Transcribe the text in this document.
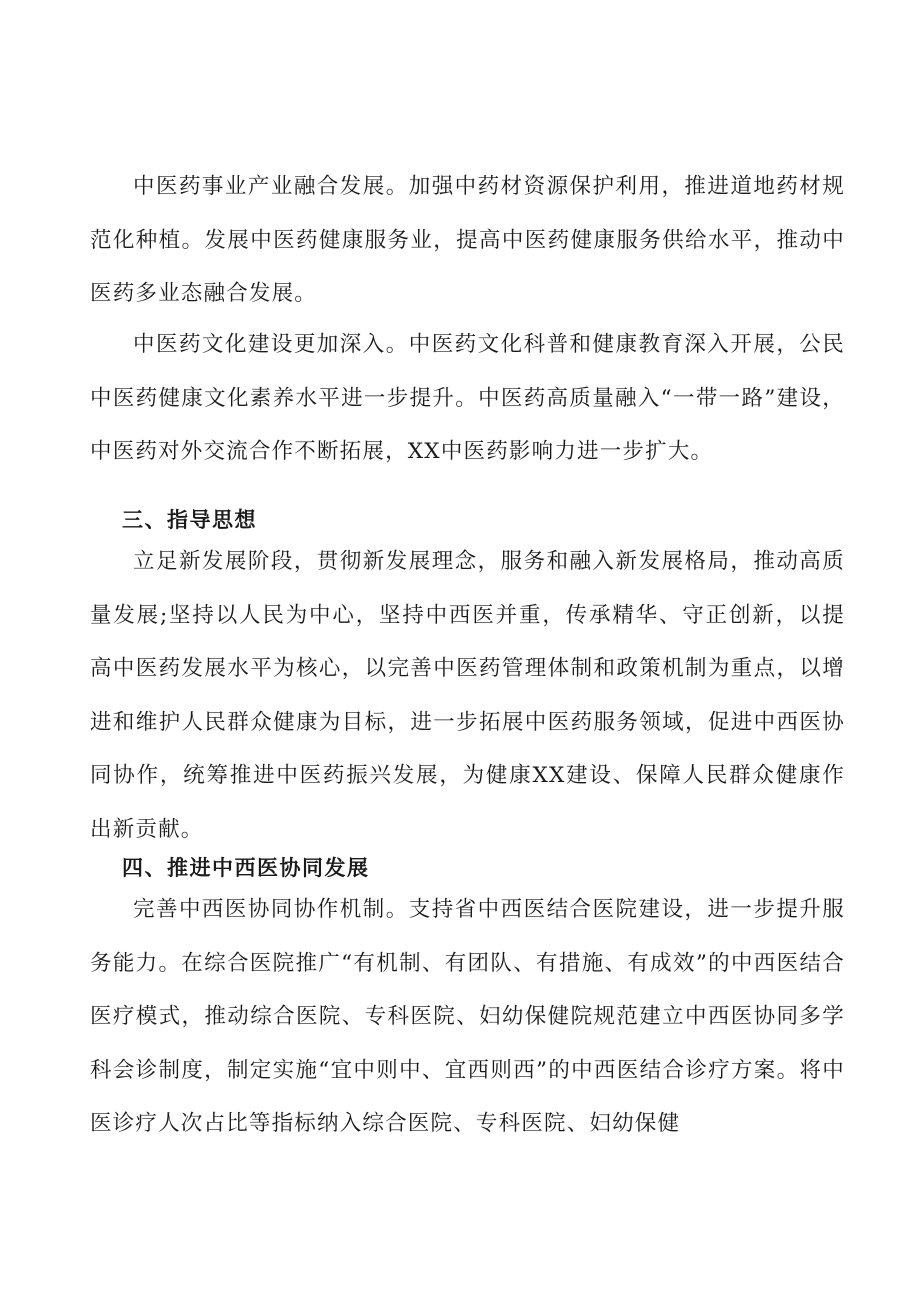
中医药事业产业融合发展。加强中药材资源保护利用，推进道地药材规范化种植。发展中医药健康服务业，提高中医药健康服务供给水平，推动中医药多业态融合发展。

中医药文化建设更加深入。中医药文化科普和健康教育深入开展，公民中医药健康文化素养水平进一步提升。中医药高质量融入“一带一路”建设，中医药对外交流合作不断拓展，XX中医药影响力进一步扩大。

三、指导思想

立足新发展阶段，贯彻新发展理念，服务和融入新发展格局，推动高质量发展;坚持以人民为中心，坚持中西医并重，传承精华、守正创新，以提高中医药发展水平为核心，以完善中医药管理体制和政策机制为重点，以增进和维护人民群众健康为目标，进一步拓展中医药服务领域，促进中西医协同协作，统筹推进中医药振兴发展，为健康XX建设、保障人民群众健康作出新贡献。

四、推进中西医协同发展

完善中西医协同协作机制。支持省中西医结合医院建设，进一步提升服务能力。在综合医院推广“有机制、有团队、有措施、有成效”的中西医结合医疗模式，推动综合医院、专科医院、妇幼保健院规范建立中西医协同多学科会诊制度，制定实施“宜中则中、宜西则西”的中西医结合诊疗方案。将中医诊疗人次占比等指标纳入综合医院、专科医院、妇幼保健
